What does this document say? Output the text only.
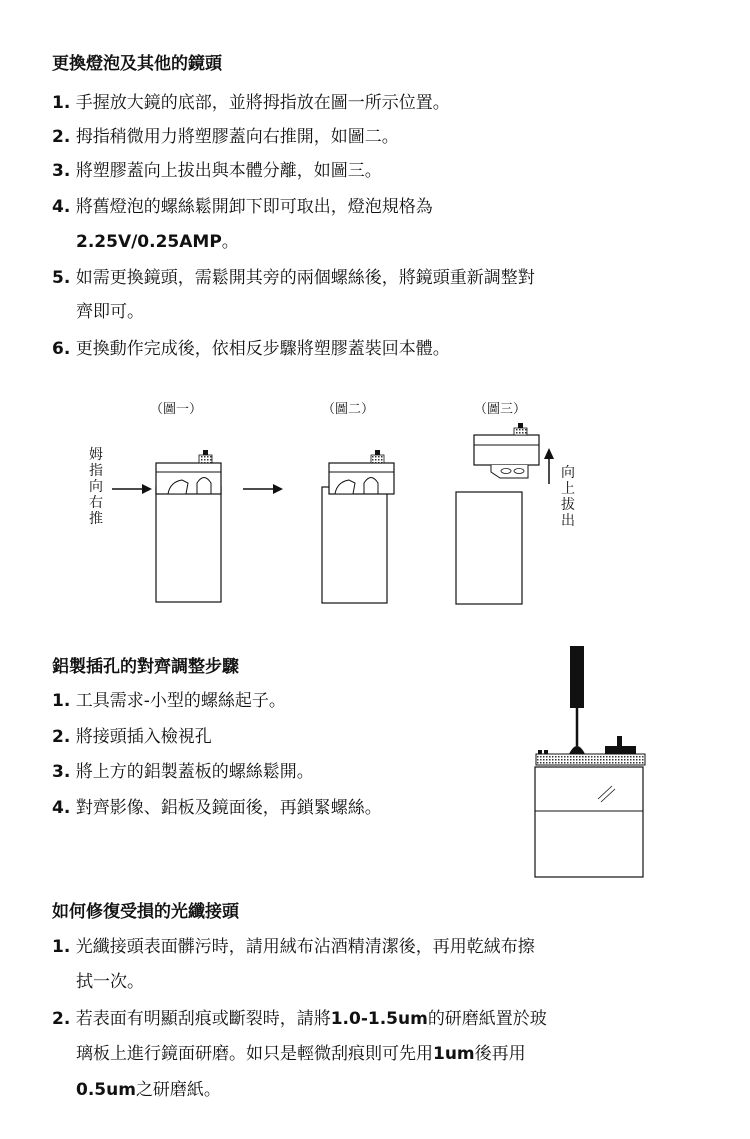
更換燈泡及其他的鏡頭
1. 手握放大鏡的底部，並將拇指放在圖一所示位置。
2. 拇指稍微用力將塑膠蓋向右推開，如圖二。
3. 將塑膠蓋向上拔出與本體分離，如圖三。
4. 將舊燈泡的螺絲鬆開卸下即可取出，燈泡規格為
2.25V/0.25AMP。
5. 如需更換鏡頭，需鬆開其旁的兩個螺絲後，將鏡頭重新調整對
齊即可。
6. 更換動作完成後，依相反步驟將塑膠蓋裝回本體。
（圖一）	（圖二）	（圖三）
姆指向右推
向上拔出
鋁製插孔的對齊調整步驟
1. 工具需求-小型的螺絲起子。
2. 將接頭插入檢視孔
3. 將上方的鋁製蓋板的螺絲鬆開。
4. 對齊影像、鋁板及鏡面後，再鎖緊螺絲。
如何修復受損的光纖接頭
1. 光纖接頭表面髒污時，請用絨布沾酒精清潔後，再用乾絨布擦
拭一次。
2. 若表面有明顯刮痕或斷裂時，請將1.0-1.5um的研磨紙置於玻
璃板上進行鏡面研磨。如只是輕微刮痕則可先用1um後再用
0.5um之研磨紙。
